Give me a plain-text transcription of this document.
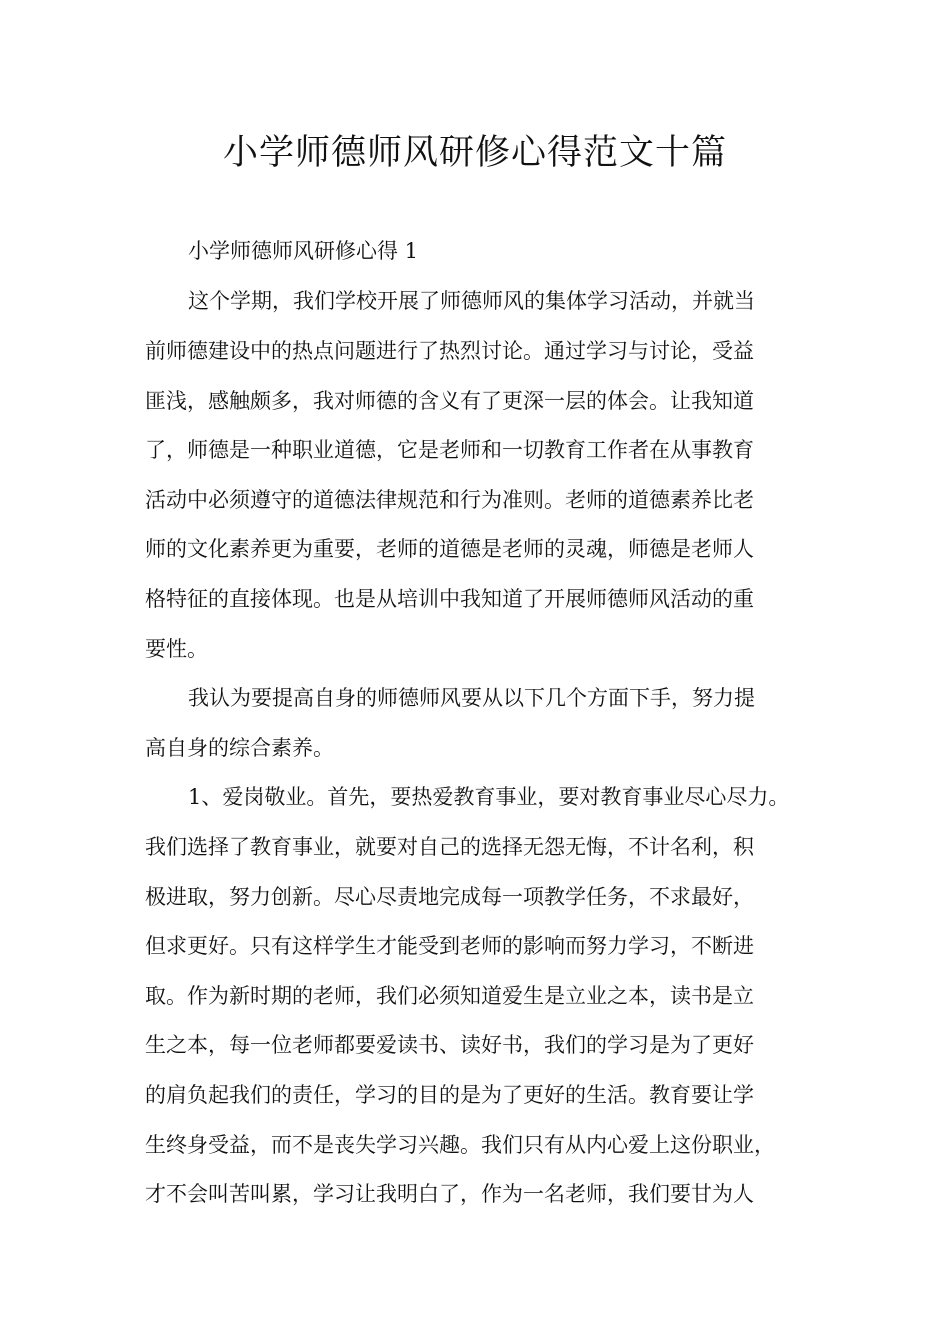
小学师德师风研修心得范文十篇

小学师德师风研修心得 1

这个学期，我们学校开展了师德师风的集体学习活动，并就当

前师德建设中的热点问题进行了热烈讨论。通过学习与讨论，受益

匪浅，感触颇多，我对师德的含义有了更深一层的体会。让我知道

了，师德是一种职业道德，它是老师和一切教育工作者在从事教育

活动中必须遵守的道德法律规范和行为准则。老师的道德素养比老

师的文化素养更为重要，老师的道德是老师的灵魂，师德是老师人

格特征的直接体现。也是从培训中我知道了开展师德师风活动的重

要性。

我认为要提高自身的师德师风要从以下几个方面下手，努力提

高自身的综合素养。

1、爱岗敬业。首先，要热爱教育事业，要对教育事业尽心尽力。

我们选择了教育事业，就要对自己的选择无怨无悔，不计名利，积

极进取，努力创新。尽心尽责地完成每一项教学任务，不求最好，

但求更好。只有这样学生才能受到老师的影响而努力学习，不断进

取。作为新时期的老师，我们必须知道爱生是立业之本，读书是立

生之本，每一位老师都要爱读书、读好书，我们的学习是为了更好

的肩负起我们的责任，学习的目的是为了更好的生活。教育要让学

生终身受益，而不是丧失学习兴趣。我们只有从内心爱上这份职业，

才不会叫苦叫累，学习让我明白了，作为一名老师，我们要甘为人
